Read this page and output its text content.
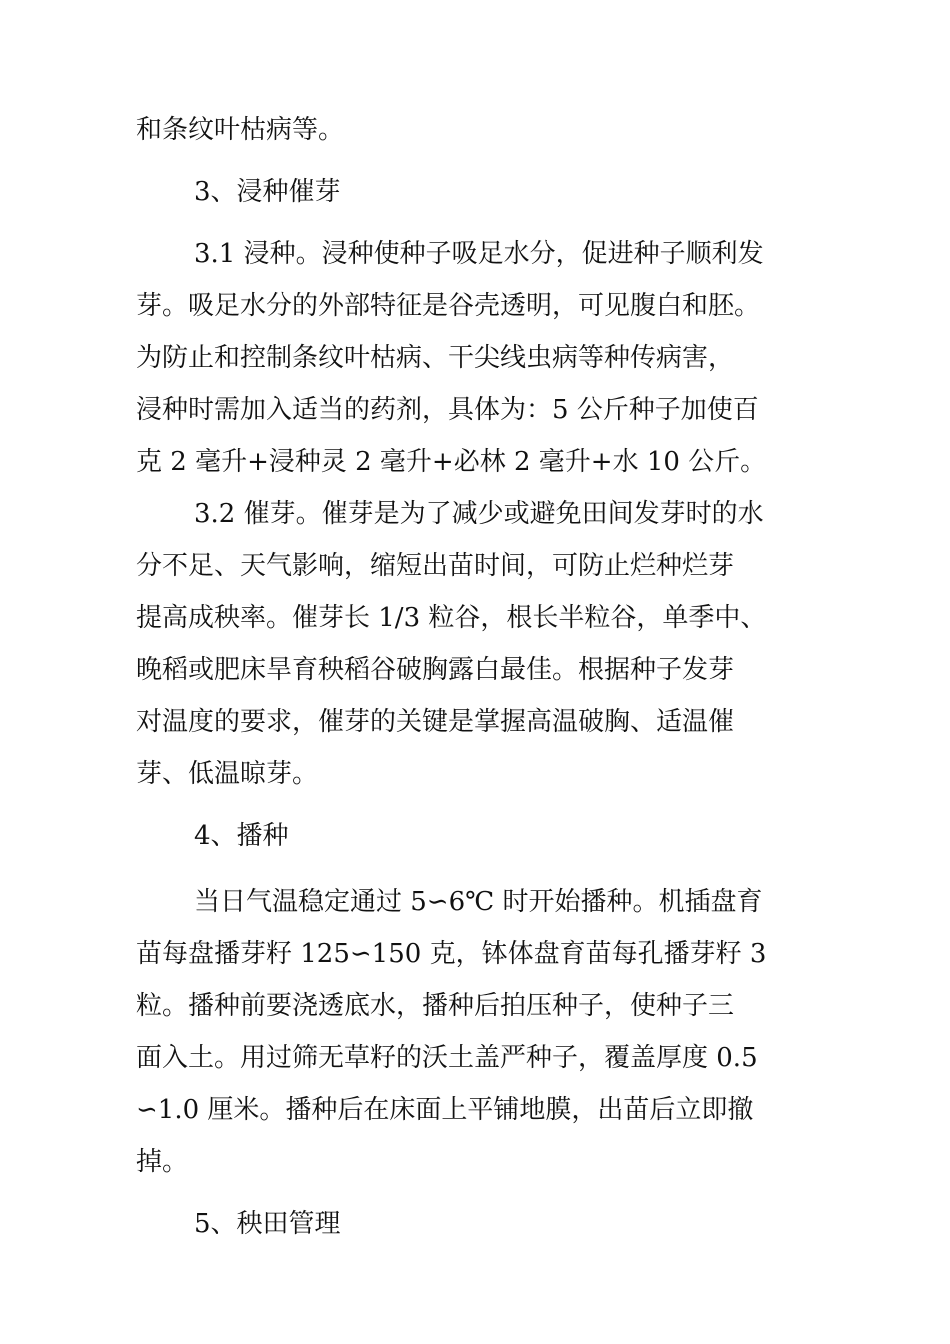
和条纹叶枯病等。
3、浸种催芽
3.1 浸种。浸种使种子吸足水分，促进种子顺利发
芽。吸足水分的外部特征是谷壳透明，可见腹白和胚。
为防止和控制条纹叶枯病、干尖线虫病等种传病害，
浸种时需加入适当的药剂，具体为：5 公斤种子加使百
克 2 毫升+浸种灵 2 毫升+必林 2 毫升+水 10 公斤。
3.2 催芽。催芽是为了减少或避免田间发芽时的水
分不足、天气影响，缩短出苗时间，可防止烂种烂芽
提高成秧率。催芽长 1/3 粒谷，根长半粒谷，单季中、
晚稻或肥床旱育秧稻谷破胸露白最佳。根据种子发芽
对温度的要求，催芽的关键是掌握高温破胸、适温催
芽、低温晾芽。
4、播种
当日气温稳定通过 5∽6℃ 时开始播种。机插盘育
苗每盘播芽籽 125∽150 克，钵体盘育苗每孔播芽籽 3
粒。播种前要浇透底水，播种后拍压种子，使种子三
面入土。用过筛无草籽的沃土盖严种子，覆盖厚度 0.5
∽1.0 厘米。播种后在床面上平铺地膜，出苗后立即撤
掉。
5、秧田管理
